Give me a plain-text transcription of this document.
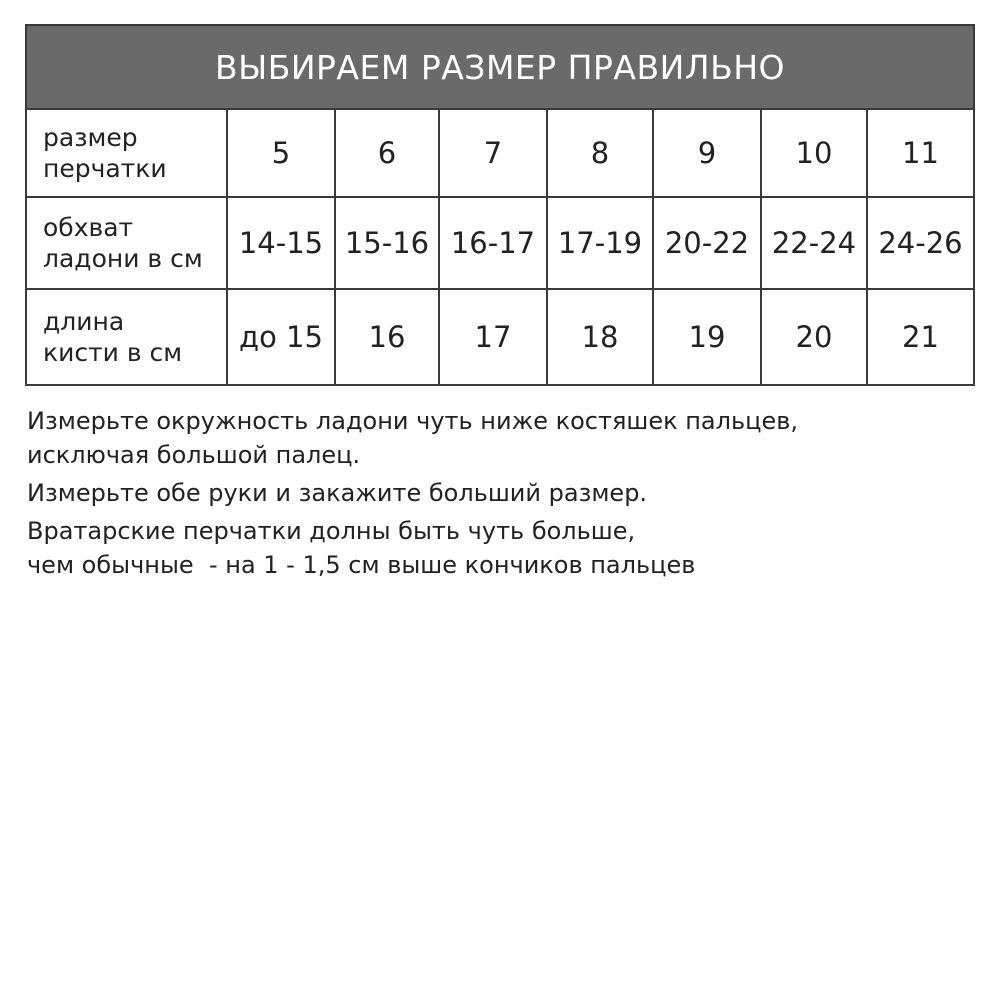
ВЫБИРАЕМ РАЗМЕР ПРАВИЛЬНО
размер
перчатки	5	6	7	8	9	10	11
обхват
ладони в см	14-15	15-16	16-17	17-19	20-22	22-24	24-26
длина
кисти в см	до 15	16	17	18	19	20	21

Измерьте окружность ладони чуть ниже костяшек пальцев,

исключая большой палец.

Измерьте обе руки и закажите больший размер.

Вратарские перчатки долны быть чуть больше,

чем обычные  - на 1 - 1,5 см выше кончиков пальцев
